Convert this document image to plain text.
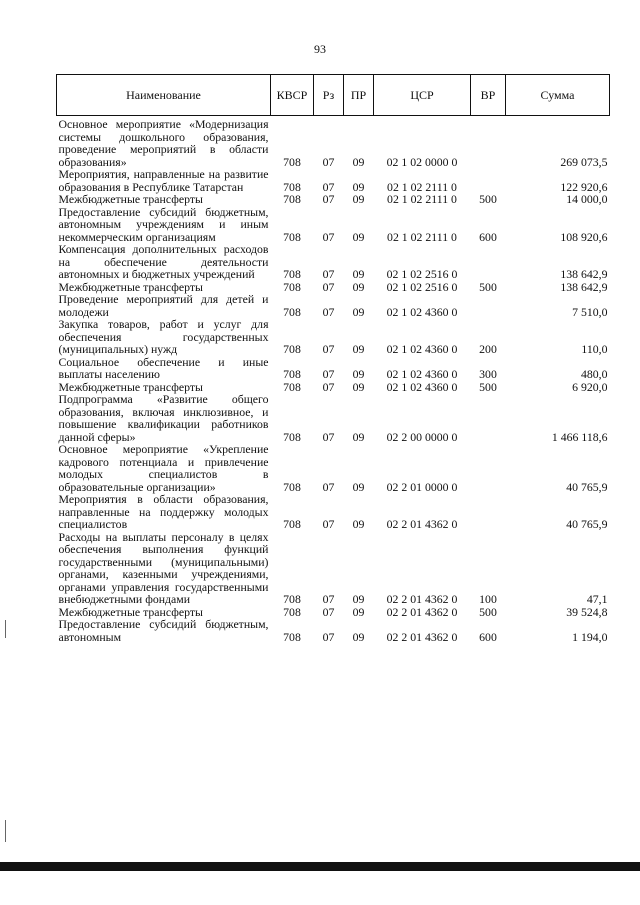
93
Наименование	КВСР	Рз	ПР	ЦСР	ВР	Сумма
Основное мероприятие «Модернизация системы дошкольного образования, проведение мероприятий в области образования»	708	07	09	02 1 02 0000 0		269 073,5
Мероприятия, направленные на развитие образования в Республике Татарстан	708	07	09	02 1 02 2111 0		122 920,6
Межбюджетные трансферты	708	07	09	02 1 02 2111 0	500	14 000,0
Предоставление субсидий бюджетным, автономным учреждениям и иным некоммерческим организациям	708	07	09	02 1 02 2111 0	600	108 920,6
Компенсация дополнительных расходов на обеспечение деятельности автономных и бюджетных учреждений	708	07	09	02 1 02 2516 0		138 642,9
Межбюджетные трансферты	708	07	09	02 1 02 2516 0	500	138 642,9
Проведение мероприятий для детей и молодежи	708	07	09	02 1 02 4360 0		7 510,0
Закупка товаров, работ и услуг для обеспечения государственных (муниципальных) нужд	708	07	09	02 1 02 4360 0	200	110,0
Социальное обеспечение и иные выплаты населению	708	07	09	02 1 02 4360 0	300	480,0
Межбюджетные трансферты	708	07	09	02 1 02 4360 0	500	6 920,0
Подпрограмма «Развитие общего образования, включая инклюзивное, и повышение квалификации работников данной сферы»	708	07	09	02 2 00 0000 0		1 466 118,6
Основное мероприятие «Укрепление кадрового потенциала и привлечение молодых специалистов в образовательные организации»	708	07	09	02 2 01 0000 0		40 765,9
Мероприятия в области образования, направленные на поддержку молодых специалистов	708	07	09	02 2 01 4362 0		40 765,9
Расходы на выплаты персоналу в целях обеспечения выполнения функций государственными (муниципальными) органами, казенными учреждениями, органами управления государственными внебюджетными фондами	708	07	09	02 2 01 4362 0	100	47,1
Межбюджетные трансферты	708	07	09	02 2 01 4362 0	500	39 524,8
Предоставление субсидий бюджетным, автономным	708	07	09	02 2 01 4362 0	600	1 194,0
